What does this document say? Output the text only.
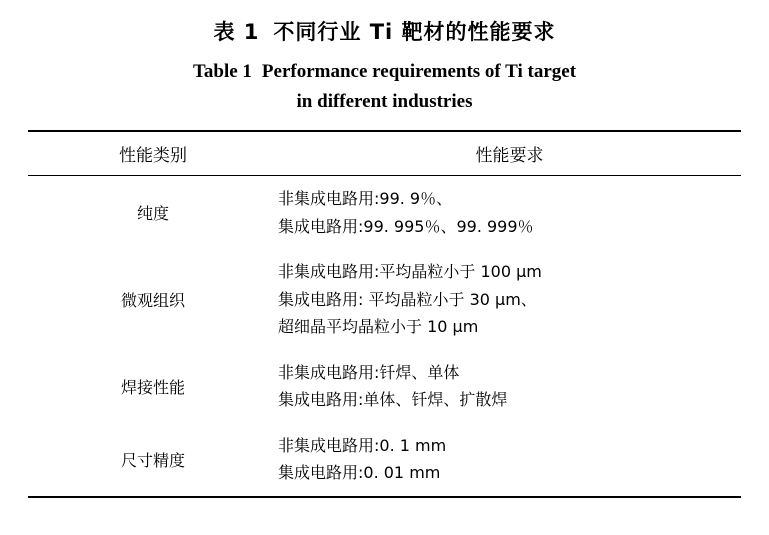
表 1 不同行业 Ti 靶材的性能要求
Table 1 Performance requirements of Ti target
in different industries
性能类别	性能要求
纯度	非集成电路用:99. 9％、
集成电路用:99. 995％、99. 999％

微观组织	非集成电路用:平均晶粒小于 100 μm
集成电路用: 平均晶粒小于 30 μm、
超细晶平均晶粒小于 10 μm

焊接性能	非集成电路用:钎焊、单体
集成电路用:单体、钎焊、扩散焊

尺寸精度	非集成电路用:0. 1 mm
集成电路用:0. 01 mm
